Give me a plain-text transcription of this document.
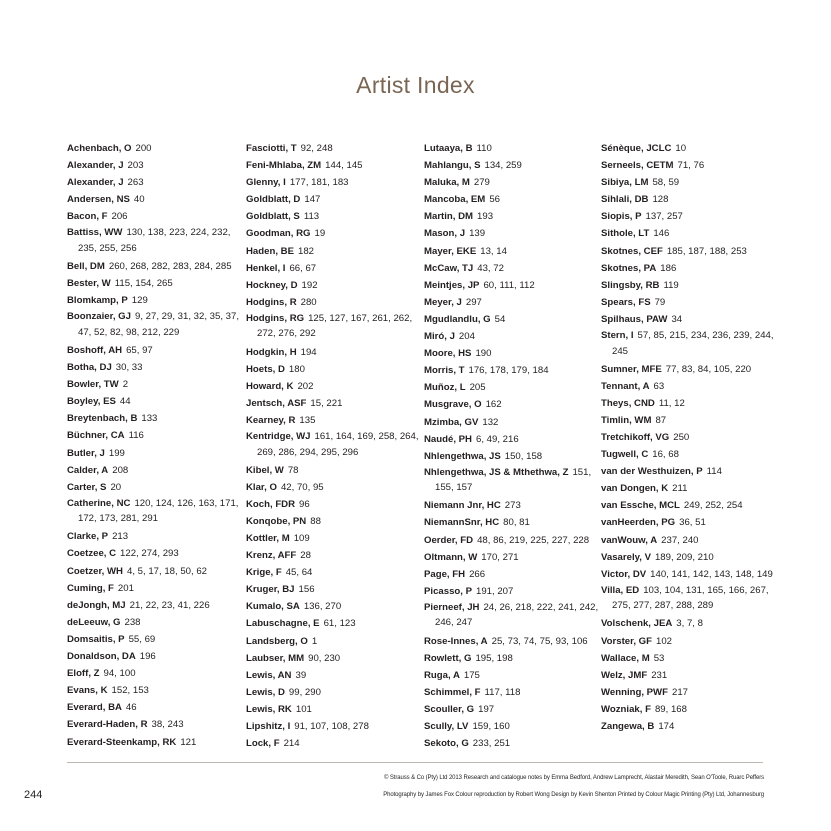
Artist Index
Achenbach, O 200
Alexander, J 203
Alexander, J 263
Andersen, NS 40
Bacon, F 206
Battiss, WW 130, 138, 223, 224, 232, 235, 255, 256
Bell, DM 260, 268, 282, 283, 284, 285
Bester, W 115, 154, 265
Blomkamp, P 129
Boonzaier, GJ 9, 27, 29, 31, 32, 35, 37, 47, 52, 82, 98, 212, 229
Boshoff, AH 65, 97
Botha, DJ 30, 33
Bowler, TW 2
Boyley, ES 44
Breytenbach, B 133
Büchner, CA 116
Butler, J 199
Calder, A 208
Carter, S 20
Catherine, NC 120, 124, 126, 163, 171, 172, 173, 281, 291
Clarke, P 213
Coetzee, C 122, 274, 293
Coetzer, WH 4, 5, 17, 18, 50, 62
Cuming, F 201
deJongh, MJ 21, 22, 23, 41, 226
deLeeuw, G 238
Domsaitis, P 55, 69
Donaldson, DA 196
Eloff, Z 94, 100
Evans, K 152, 153
Everard, BA 46
Everard-Haden, R 38, 243
Everard-Steenkamp, RK 121
Fasciotti, T 92, 248
Feni-Mhlaba, ZM 144, 145
Glenny, I 177, 181, 183
Goldblatt, D 147
Goldblatt, S 113
Goodman, RG 19
Haden, BE 182
Henkel, I 66, 67
Hockney, D 192
Hodgins, R 280
Hodgins, RG 125, 127, 167, 261, 262, 272, 276, 292
Hodgkin, H 194
Hoets, D 180
Howard, K 202
Jentsch, ASF 15, 221
Kearney, R 135
Kentridge, WJ 161, 164, 169, 258, 264, 269, 286, 294, 295, 296
Kibel, W 78
Klar, O 42, 70, 95
Koch, FDR 96
Konqobe, PN 88
Kottler, M 109
Krenz, AFF 28
Krige, F 45, 64
Kruger, BJ 156
Kumalo, SA 136, 270
Labuschagne, E 61, 123
Landsberg, O 1
Laubser, MM 90, 230
Lewis, AN 39
Lewis, D 99, 290
Lewis, RK 101
Lipshitz, I 91, 107, 108, 278
Lock, F 214
Lutaaya, B 110
Mahlangu, S 134, 259
Maluka, M 279
Mancoba, EM 56
Martin, DM 193
Mason, J 139
Mayer, EKE 13, 14
McCaw, TJ 43, 72
Meintjes, JP 60, 111, 112
Meyer, J 297
Mgudlandlu, G 54
Miró, J 204
Moore, HS 190
Morris, T 176, 178, 179, 184
Muñoz, L 205
Musgrave, O 162
Mzimba, GV 132
Naudé, PH 6, 49, 216
Nhlengethwa, JS 150, 158
Nhlengethwa, JS & Mthethwa, Z 151, 155, 157
Niemann Jnr, HC 273
NiemannSnr, HC 80, 81
Oerder, FD 48, 86, 219, 225, 227, 228
Oltmann, W 170, 271
Page, FH 266
Picasso, P 191, 207
Pierneef, JH 24, 26, 218, 222, 241, 242, 246, 247
Rose-Innes, A 25, 73, 74, 75, 93, 106
Rowlett, G 195, 198
Ruga, A 175
Schimmel, F 117, 118
Scouller, G 197
Scully, LV 159, 160
Sekoto, G 233, 251
Sénèque, JCLC 10
Serneels, CETM 71, 76
Sibiya, LM 58, 59
Sihlali, DB 128
Siopis, P 137, 257
Sithole, LT 146
Skotnes, CEF 185, 187, 188, 253
Skotnes, PA 186
Slingsby, RB 119
Spears, FS 79
Spilhaus, PAW 34
Stern, I 57, 85, 215, 234, 236, 239, 244, 245
Sumner, MFE 77, 83, 84, 105, 220
Tennant, A 63
Theys, CND 11, 12
Timlin, WM 87
Tretchikoff, VG 250
Tugwell, C 16, 68
van der Westhuizen, P 114
van Dongen, K 211
van Essche, MCL 249, 252, 254
vanHeerden, PG 36, 51
vanWouw, A 237, 240
Vasarely, V 189, 209, 210
Victor, DV 140, 141, 142, 143, 148, 149
Villa, ED 103, 104, 131, 165, 166, 267, 275, 277, 287, 288, 289
Volschenk, JEA 3, 7, 8
Vorster, GF 102
Wallace, M 53
Welz, JMF 231
Wenning, PWF 217
Wozniak, F 89, 168
Zangewa, B 174
© Strauss & Co (Pty) Ltd 2013 Research and catalogue notes by Emma Bedford, Andrew Lamprecht, Alastair Meredith, Sean O'Toole, Ruarc Peffers
Photography by James Fox Colour reproduction by Robert Wong Design by Kevin Shenton Printed by Colour Magic Printing (Pty) Ltd, Johannesburg
244
